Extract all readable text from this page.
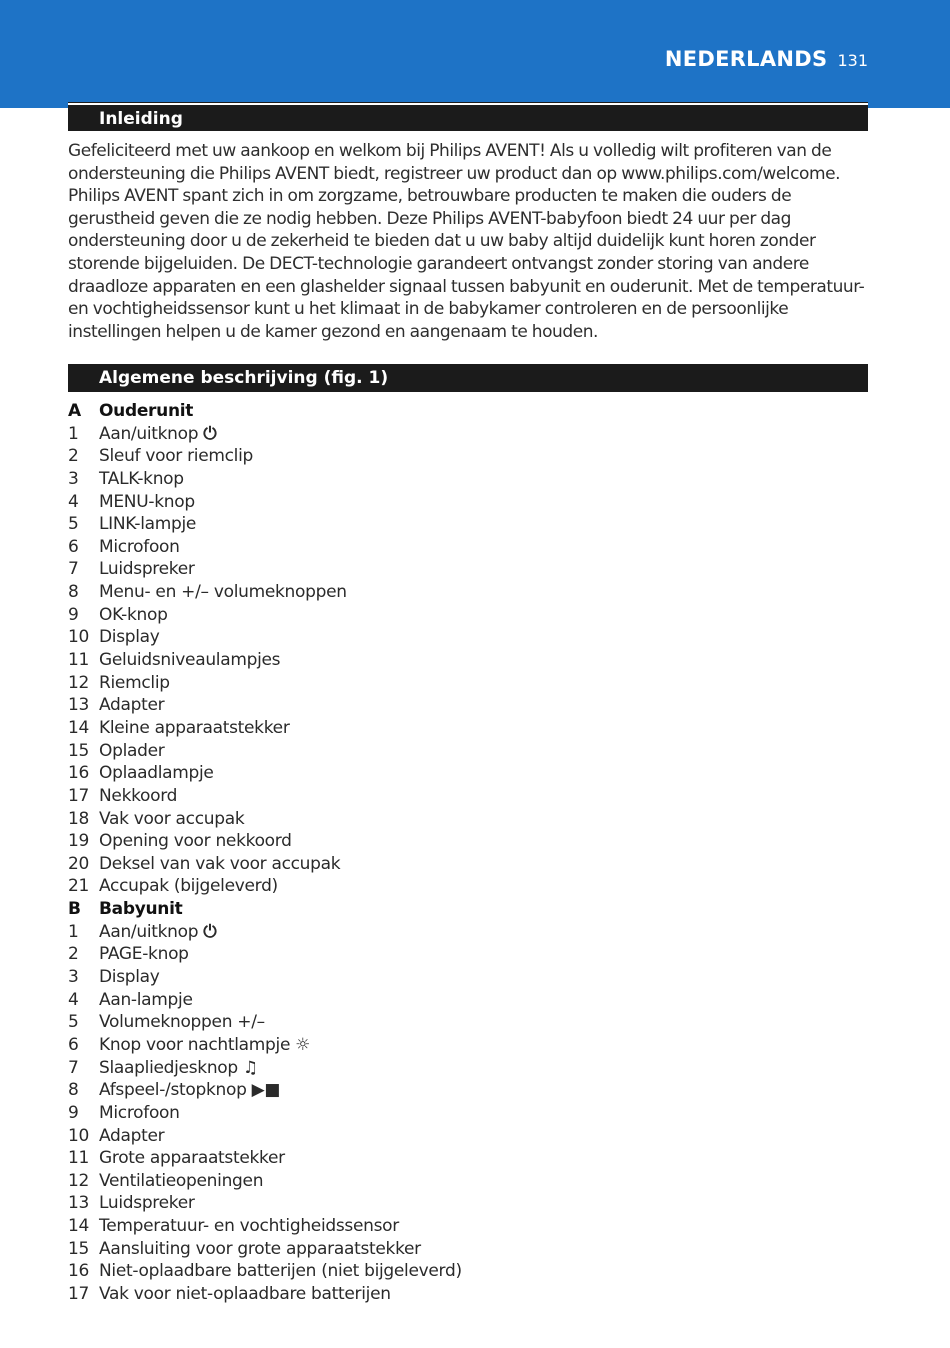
NEDERLANDS 131
Inleiding

Gefeliciteerd met uw aankoop en welkom bij Philips AVENT! Als u volledig wilt profiteren van de
ondersteuning die Philips AVENT biedt, registreer uw product dan op www.philips.com/welcome.
Philips AVENT spant zich in om zorgzame, betrouwbare producten te maken die ouders de
gerustheid geven die ze nodig hebben. Deze Philips AVENT-babyfoon biedt 24 uur per dag
ondersteuning door u de zekerheid te bieden dat u uw baby altijd duidelijk kunt horen zonder
storende bijgeluiden. De DECT-technologie garandeert ontvangst zonder storing van andere
draadloze apparaten en een glashelder signaal tussen babyunit en ouderunit. Met de temperatuur-
en vochtigheidssensor kunt u het klimaat in de babykamer controleren en de persoonlijke
instellingen helpen u de kamer gezond en aangenaam te houden.

Algemene beschrijving (fig. 1)
A	Ouderunit
1	Aan/uitknop ⏻
2	Sleuf voor riemclip
3	TALK-knop
4	MENU-knop
5	LINK-lampje
6	Microfoon
7	Luidspreker
8	Menu- en +/– volumeknoppen
9	OK-knop
10 Display
11 Geluidsniveaulampjes
12 Riemclip
13 Adapter
14 Kleine apparaatstekker
15 Oplader
16 Oplaadlampje
17 Nekkoord
18 Vak voor accupak
19 Opening voor nekkoord
20 Deksel van vak voor accupak
21 Accupak (bijgeleverd)
B	Babyunit
1	Aan/uitknop ⏻
2	PAGE-knop
3	Display
4	Aan-lampje
5	Volumeknoppen +/–
6	Knop voor nachtlampje ☼
7	Slaapliedjesknop ♫
8	Afspeel-/stopknop ▶■
9	Microfoon
10 Adapter
11 Grote apparaatstekker
12 Ventilatieopeningen
13 Luidspreker
14 Temperatuur- en vochtigheidssensor
15 Aansluiting voor grote apparaatstekker
16 Niet-oplaadbare batterijen (niet bijgeleverd)
17 Vak voor niet-oplaadbare batterijen
